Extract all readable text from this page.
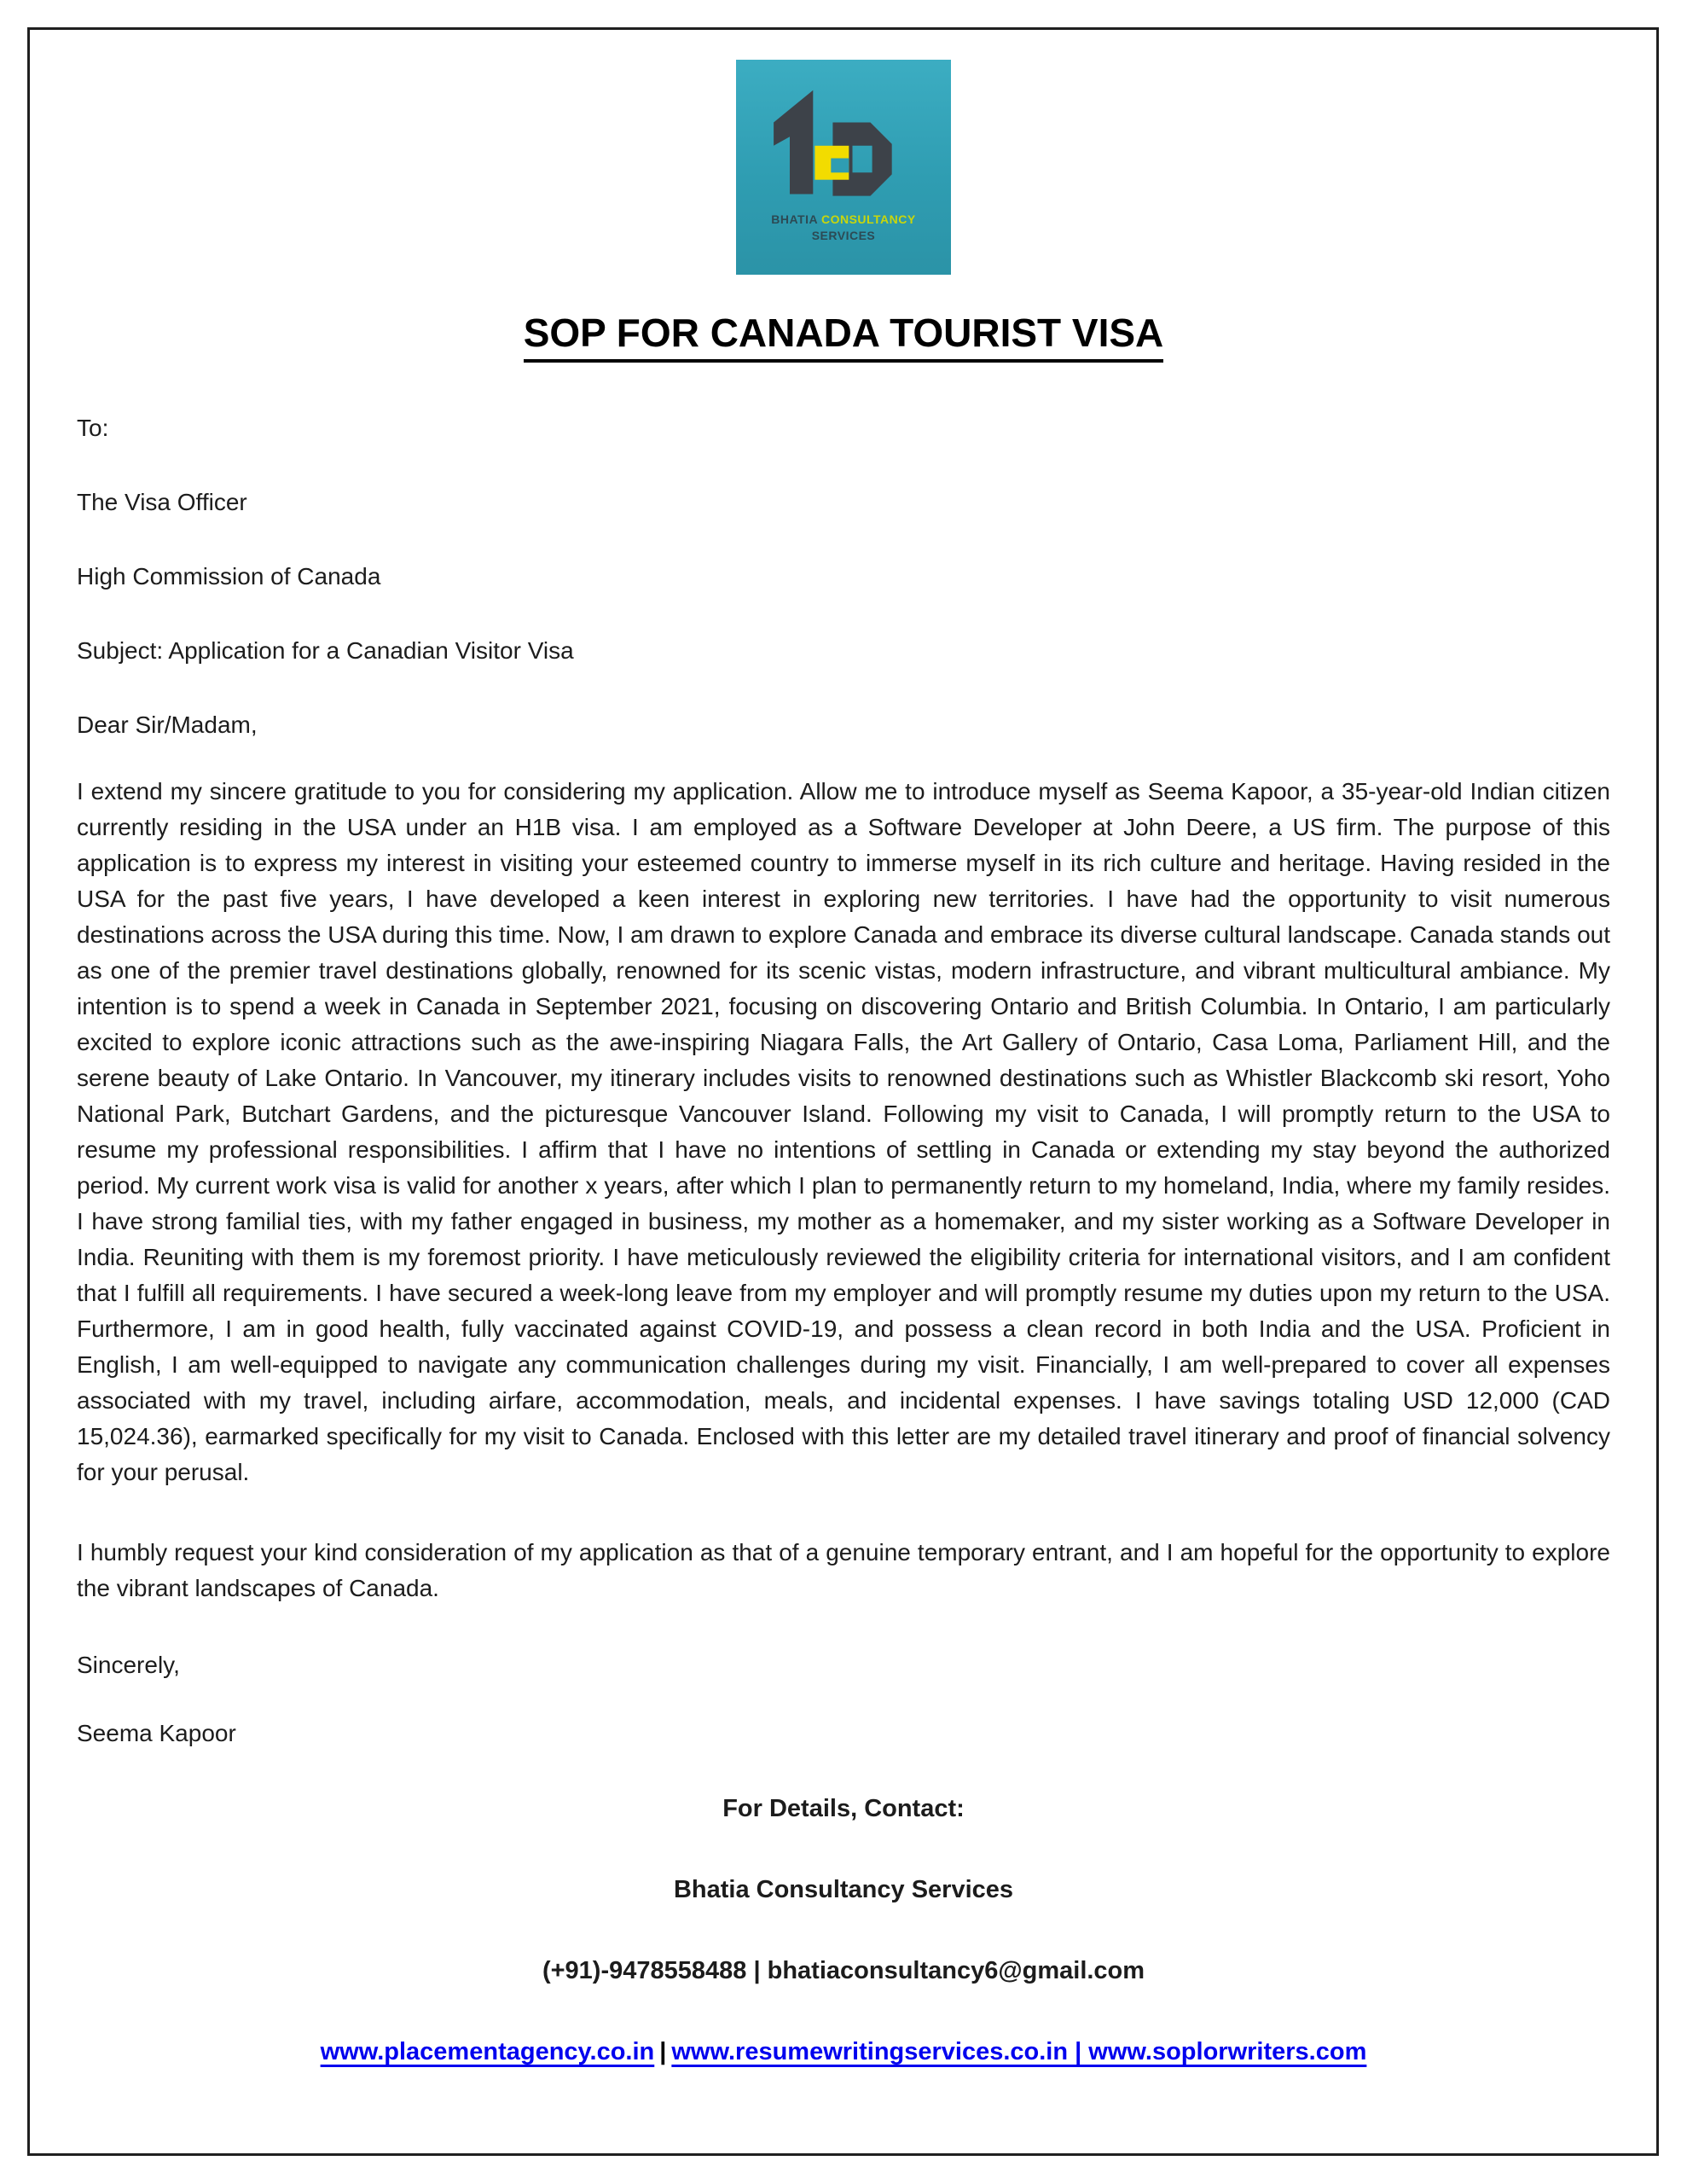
BHATIA CONSULTANCY
SERVICES
SOP FOR CANADA TOURIST VISA

To:

The Visa Officer

High Commission of Canada

Subject: Application for a Canadian Visitor Visa

Dear Sir/Madam,

I extend my sincere gratitude to you for considering my application. Allow me to introduce myself as Seema Kapoor, a 35-year-old Indian citizen currently residing in the USA under an H1B visa. I am employed as a Software Developer at John Deere, a US firm. The purpose of this application is to express my interest in visiting your esteemed country to immerse myself in its rich culture and heritage. Having resided in the USA for the past five years, I have developed a keen interest in exploring new territories. I have had the opportunity to visit numerous destinations across the USA during this time. Now, I am drawn to explore Canada and embrace its diverse cultural landscape. Canada stands out as one of the premier travel destinations globally, renowned for its scenic vistas, modern infrastructure, and vibrant multicultural ambiance. My intention is to spend a week in Canada in September 2021, focusing on discovering Ontario and British Columbia. In Ontario, I am particularly excited to explore iconic attractions such as the awe-inspiring Niagara Falls, the Art Gallery of Ontario, Casa Loma, Parliament Hill, and the serene beauty of Lake Ontario. In Vancouver, my itinerary includes visits to renowned destinations such as Whistler Blackcomb ski resort, Yoho National Park, Butchart Gardens, and the picturesque Vancouver Island. Following my visit to Canada, I will promptly return to the USA to resume my professional responsibilities. I affirm that I have no intentions of settling in Canada or extending my stay beyond the authorized period. My current work visa is valid for another x years, after which I plan to permanently return to my homeland, India, where my family resides. I have strong familial ties, with my father engaged in business, my mother as a homemaker, and my sister working as a Software Developer in India. Reuniting with them is my foremost priority. I have meticulously reviewed the eligibility criteria for international visitors, and I am confident that I fulfill all requirements. I have secured a week-long leave from my employer and will promptly resume my duties upon my return to the USA. Furthermore, I am in good health, fully vaccinated against COVID-19, and possess a clean record in both India and the USA. Proficient in English, I am well-equipped to navigate any communication challenges during my visit. Financially, I am well-prepared to cover all expenses associated with my travel, including airfare, accommodation, meals, and incidental expenses. I have savings totaling USD 12,000 (CAD 15,024.36), earmarked specifically for my visit to Canada. Enclosed with this letter are my detailed travel itinerary and proof of financial solvency for your perusal.

I humbly request your kind consideration of my application as that of a genuine temporary entrant, and I am hopeful for the opportunity to explore the vibrant landscapes of Canada.

Sincerely,

Seema Kapoor

For Details, Contact:
Bhatia Consultancy Services
(+91)-9478558488 | bhatiaconsultancy6@gmail.com
www.placementagency.co.in | www.resumewritingservices.co.in | www.soplorwriters.com
